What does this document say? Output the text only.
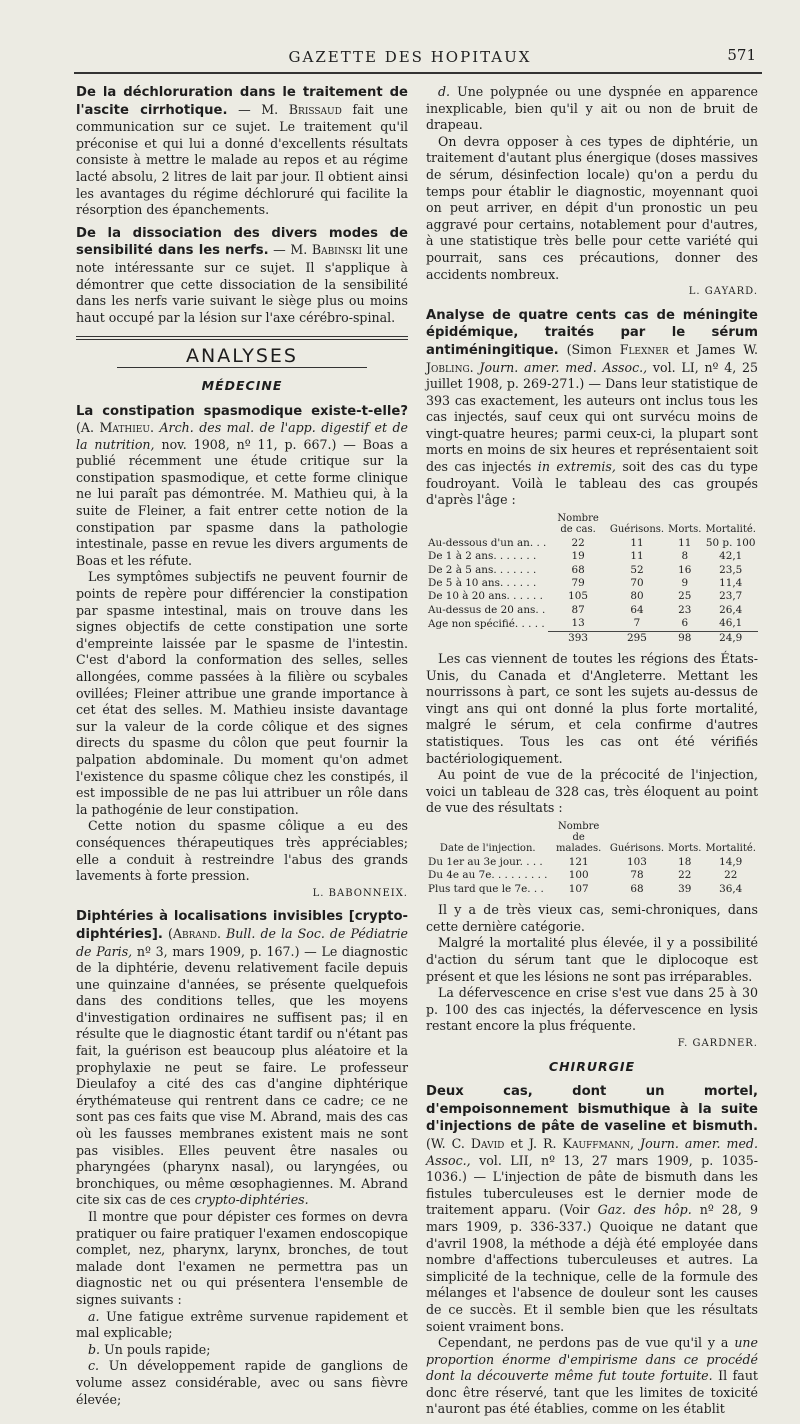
GAZETTE DES HOPITAUX	571

De la déchloruration dans le traitement de l'ascite cirrhotique. — M. Brissaud fait une communication sur ce sujet. Le traitement qu'il préconise et qui lui a donné d'excellents résultats consiste à mettre le malade au repos et au régime lacté absolu, 2 litres de lait par jour. Il obtient ainsi les avantages du régime déchloruré qui facilite la résorption des épanchements.

De la dissociation des divers modes de sensibilité dans les nerfs. — M. Babinski lit une note intéressante sur ce sujet. Il s'applique à démontrer que cette dissociation de la sensibilité dans les nerfs varie suivant le siège plus ou moins haut occupé par la lésion sur l'axe cérébro-spinal.

ANALYSES
MÉDECINE

La constipation spasmodique existe-t-elle? (A. Mathieu. Arch. des mal. de l'app. digestif et de la nutrition, nov. 1908, nº 11, p. 667.) — Boas a publié récemment une étude critique sur la constipation spasmodique, et cette forme clinique ne lui paraît pas démontrée. M. Mathieu qui, à la suite de Fleiner, a fait entrer cette notion de la constipation par spasme dans la pathologie intestinale, passe en revue les divers arguments de Boas et les réfute.

Les symptômes subjectifs ne peuvent fournir de points de repère pour différencier la constipation par spasme intestinal, mais on trouve dans les signes objectifs de cette constipation une sorte d'empreinte laissée par le spasme de l'intestin. C'est d'abord la conformation des selles, selles allongées, comme passées à la filière ou scybales ovillées; Fleiner attribue une grande importance à cet état des selles. M. Mathieu insiste davantage sur la valeur de la corde côlique et des signes directs du spasme du côlon que peut fournir la palpation abdominale. Du moment qu'on admet l'existence du spasme côlique chez les constipés, il est impossible de ne pas lui attribuer un rôle dans la pathogénie de leur constipation.

Cette notion du spasme côlique a eu des conséquences thérapeutiques très appréciables; elle a conduit à restreindre l'abus des grands lavements à forte pression.

L. BABONNEIX.

Diphtéries à localisations invisibles [crypto-diphtéries]. (Abrand. Bull. de la Soc. de Pédiatrie de Paris, nº 3, mars 1909, p. 167.) — Le diagnostic de la diphtérie, devenu relativement facile depuis une quinzaine d'années, se présente quelquefois dans des conditions telles, que les moyens d'investigation ordinaires ne suffisent pas; il en résulte que le diagnostic étant tardif ou n'étant pas fait, la guérison est beaucoup plus aléatoire et la prophylaxie ne peut se faire. Le professeur Dieulafoy a cité des cas d'angine diphtérique érythémateuse qui rentrent dans ce cadre; ce ne sont pas ces faits que vise M. Abrand, mais des cas où les fausses membranes existent mais ne sont pas visibles. Elles peuvent être nasales ou pharyngées (pharynx nasal), ou laryngées, ou bronchiques, ou même œsophagiennes. M. Abrand cite six cas de ces crypto-diphtéries.

Il montre que pour dépister ces formes on devra pratiquer ou faire pratiquer l'examen endoscopique complet, nez, pharynx, larynx, bronches, de tout malade dont l'examen ne permettra pas un diagnostic net ou qui présentera l'ensemble de signes suivants :

a. Une fatigue extrême survenue rapidement et mal explicable;

b. Un pouls rapide;

c. Un développement rapide de ganglions de volume assez considérable, avec ou sans fièvre élevée;

d. Une polypnée ou une dyspnée en apparence inexplicable, bien qu'il y ait ou non de bruit de drapeau.

On devra opposer à ces types de diphtérie, un traitement d'autant plus énergique (doses massives de sérum, désinfection locale) qu'on a perdu du temps pour établir le diagnostic, moyennant quoi on peut arriver, en dépit d'un pronostic un peu aggravé pour certains, notablement pour d'autres, à une statistique très belle pour cette variété qui pourrait, sans ces précautions, donner des accidents nombreux.

L. GAYARD.

Analyse de quatre cents cas de méningite épidémique, traités par le sérum antiméningitique. (Simon Flexner et James W. Jobling. Journ. amer. med. Assoc., vol. LI, nº 4, 25 juillet 1908, p. 269-271.) — Dans leur statistique de 393 cas exactement, les auteurs ont inclus tous les cas injectés, sauf ceux qui ont survécu moins de vingt-quatre heures; parmi ceux-ci, la plupart sont morts en moins de six heures et représentaient soit des cas injectés in extremis, soit des cas du type foudroyant. Voilà le tableau des cas groupés d'après l'âge :

	Nombre de cas.	Guérisons.	Morts.	Mortalité.
Au-dessous d'un an. . .	22	11	11	50 p. 100
De 1 à 2 ans. . . . . . .	19	11	8	42,1
De 2 à 5 ans. . . . . . .	68	52	16	23,5
De 5 à 10 ans. . . . . .	79	70	9	11,4
De 10 à 20 ans. . . . . .	105	80	25	23,7
Au-dessus de 20 ans. .	87	64	23	26,4
Age non spécifié. . . . .	13	7	6	46,1
	393	295	98	24,9

Les cas viennent de toutes les régions des États-Unis, du Canada et d'Angleterre. Mettant les nourrissons à part, ce sont les sujets au-dessus de vingt ans qui ont donné la plus forte mortalité, malgré le sérum, et cela confirme d'autres statistiques. Tous les cas ont été vérifiés bactériologiquement.

Au point de vue de la précocité de l'injection, voici un tableau de 328 cas, très éloquent au point de vue des résultats :

Date de l'injection.	Nombre de malades.	Guérisons.	Morts.	Mortalité.
Du 1er au 3e jour. . . .	121	103	18	14,9
Du 4e au 7e. . . . . . . . .	100	78	22	22
Plus tard que le 7e. . .	107	68	39	36,4

Il y a de très vieux cas, semi-chroniques, dans cette dernière catégorie.

Malgré la mortalité plus élevée, il y a possibilité d'action du sérum tant que le diplocoque est présent et que les lésions ne sont pas irréparables.

La défervescence en crise s'est vue dans 25 à 30 p. 100 des cas injectés, la défervescence en lysis restant encore la plus fréquente.

F. GARDNER.
CHIRURGIE

Deux cas, dont un mortel, d'empoisonnement bismuthique à la suite d'injections de pâte de vaseline et bismuth. (W. C. David et J. R. Kauffmann, Journ. amer. med. Assoc., vol. LII, nº 13, 27 mars 1909, p. 1035-1036.) — L'injection de pâte de bismuth dans les fistules tuberculeuses est le dernier mode de traitement apparu. (Voir Gaz. des hôp. nº 28, 9 mars 1909, p. 336-337.) Quoique ne datant que d'avril 1908, la méthode a déjà été employée dans nombre d'affections tuberculeuses et autres. La simplicité de la technique, celle de la formule des mélanges et l'absence de douleur sont les causes de ce succès. Et il semble bien que les résultats soient vraiment bons.

Cependant, ne perdons pas de vue qu'il y a une proportion énorme d'empirisme dans ce procédé dont la découverte même fut toute fortuite. Il faut donc être réservé, tant que les limites de toxicité n'auront pas été établies, comme on les établit
